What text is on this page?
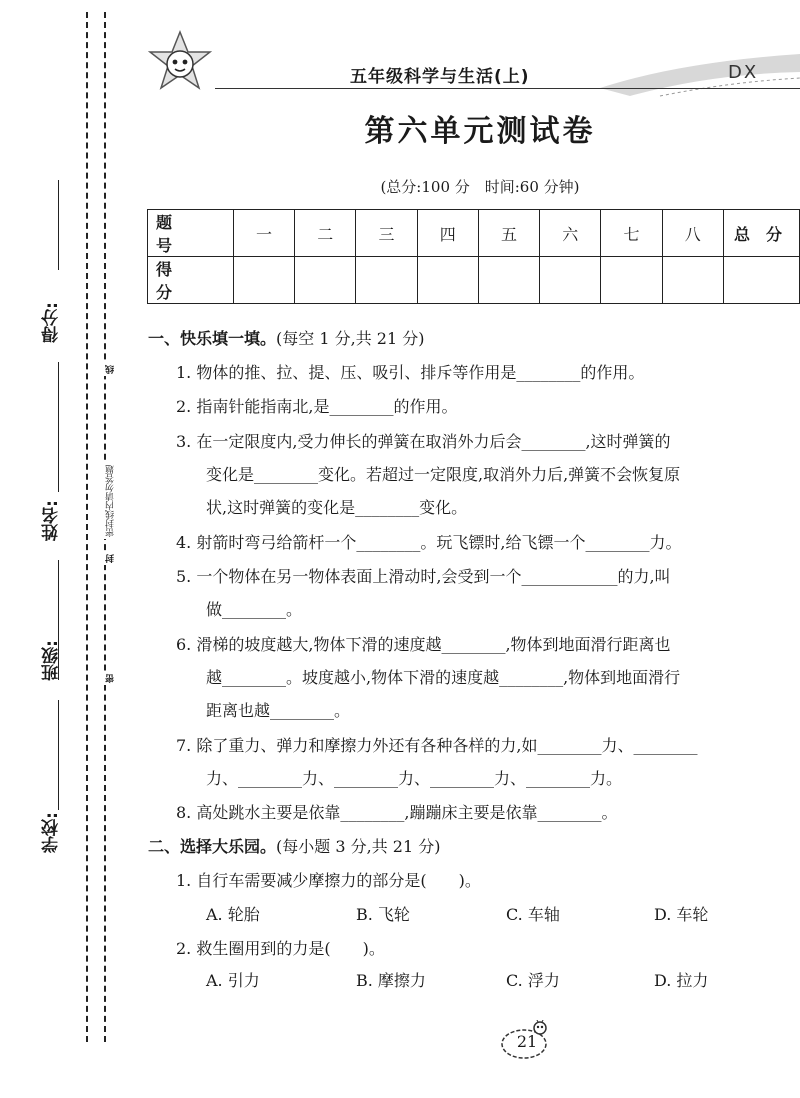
得分:
姓名:
班级:
学校:
线
密封线内请勿答题
封
密
五年级科学与生活(上)	DX
第六单元测试卷
(总分:100 分　时间:60 分钟)
题　号	一	二	三	四	五	六	七	八	总　分
得　分									
一、快乐填一填。(每空 1 分,共 21 分)
1. 物体的推、拉、提、压、吸引、排斥等作用是________的作用。
2. 指南针能指南北,是________的作用。
3. 在一定限度内,受力伸长的弹簧在取消外力后会________,这时弹簧的
变化是________变化。若超过一定限度,取消外力后,弹簧不会恢复原
状,这时弹簧的变化是________变化。
4. 射箭时弯弓给箭杆一个________。玩飞镖时,给飞镖一个________力。
5. 一个物体在另一物体表面上滑动时,会受到一个____________的力,叫
做________。
6. 滑梯的坡度越大,物体下滑的速度越________,物体到地面滑行距离也
越________。坡度越小,物体下滑的速度越________,物体到地面滑行
距离也越________。
7. 除了重力、弹力和摩擦力外还有各种各样的力,如________力、________
力、________力、________力、________力、________力。
8. 高处跳水主要是依靠________,蹦蹦床主要是依靠________。
二、选择大乐园。(每小题 3 分,共 21 分)
1. 自行车需要减少摩擦力的部分是(　　)。
A. 轮胎	B. 飞轮	C. 车轴	D. 车轮
2. 救生圈用到的力是(　　)。
A. 引力	B. 摩擦力	C. 浮力	D. 拉力
21
